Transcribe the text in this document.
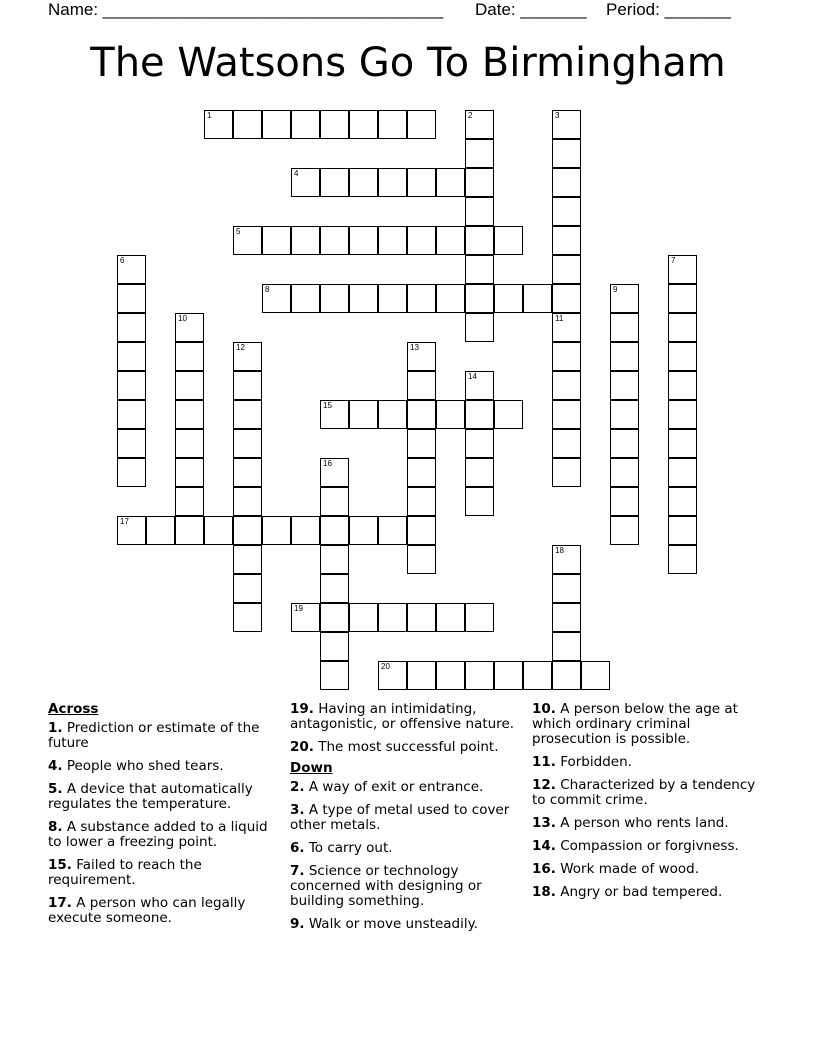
Name: ____________________________________ Date: _______ Period: _______
The Watsons Go To Birmingham
1	2	3
4
5
6	7
8	9
10	11
12	13
14
15
16
17
18
19
20
Across
1. Prediction or estimate of the future
4. People who shed tears.
5. A device that automatically regulates the temperature.
8. A substance added to a liquid to lower a freezing point.
15. Failed to reach the requirement.
17. A person who can legally execute someone.
19. Having an intimidating, antagonistic, or offensive nature.
20. The most successful point.
Down
2. A way of exit or entrance.
3. A type of metal used to cover other metals.
6. To carry out.
7. Science or technology concerned with designing or building something.
9. Walk or move unsteadily.
10. A person below the age at which ordinary criminal prosecution is possible.
11. Forbidden.
12. Characterized by a tendency to commit crime.
13. A person who rents land.
14. Compassion or forgivness.
16. Work made of wood.
18. Angry or bad tempered.
